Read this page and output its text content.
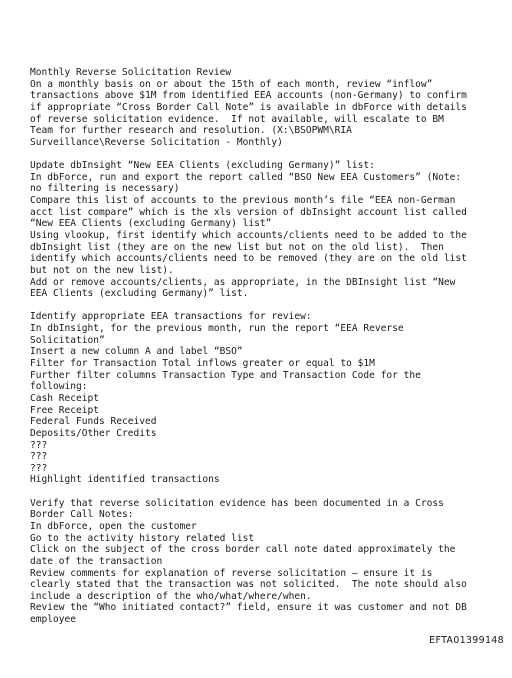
Monthly Reverse Solicitation Review
On a monthly basis on or about the 15th of each month, review “inflow”
transactions above $1M from identified EEA accounts (non-Germany) to confirm
if appropriate “Cross Border Call Note” is available in dbForce with details
of reverse solicitation evidence.  If not available, will escalate to BM
Team for further research and resolution. (X:\BSOPWM\RIA
Surveillance\Reverse Solicitation - Monthly)
Update dbInsight “New EEA Clients (excluding Germany)” list:
In dbForce, run and export the report called “BSO New EEA Customers” (Note:
no filtering is necessary)
Compare this list of accounts to the previous month’s file “EEA non-German
acct list compare” which is the xls version of dbInsight account list called
“New EEA Clients (excluding Germany) list”
Using vlookup, first identify which accounts/clients need to be added to the
dbInsight list (they are on the new list but not on the old list).  Then
identify which accounts/clients need to be removed (they are on the old list
but not on the new list).
Add or remove accounts/clients, as appropriate, in the DBInsight list “New
EEA Clients (excluding Germany)” list.
Identify appropriate EEA transactions for review:
In dbInsight, for the previous month, run the report “EEA Reverse
Solicitation”
Insert a new column A and label “BSO”
Filter for Transaction Total inflows greater or equal to $1M
Further filter columns Transaction Type and Transaction Code for the
following:
Cash Receipt
Free Receipt
Federal Funds Received
Deposits/Other Credits
???
???
???
Highlight identified transactions
Verify that reverse solicitation evidence has been documented in a Cross
Border Call Notes:
In dbForce, open the customer
Go to the activity history related list
Click on the subject of the cross border call note dated approximately the
date of the transaction
Review comments for explanation of reverse solicitation – ensure it is
clearly stated that the transaction was not solicited.  The note should also
include a description of the who/what/where/when.
Review the “Who initiated contact?” field, ensure it was customer and not DB
employee
EFTA01399148
